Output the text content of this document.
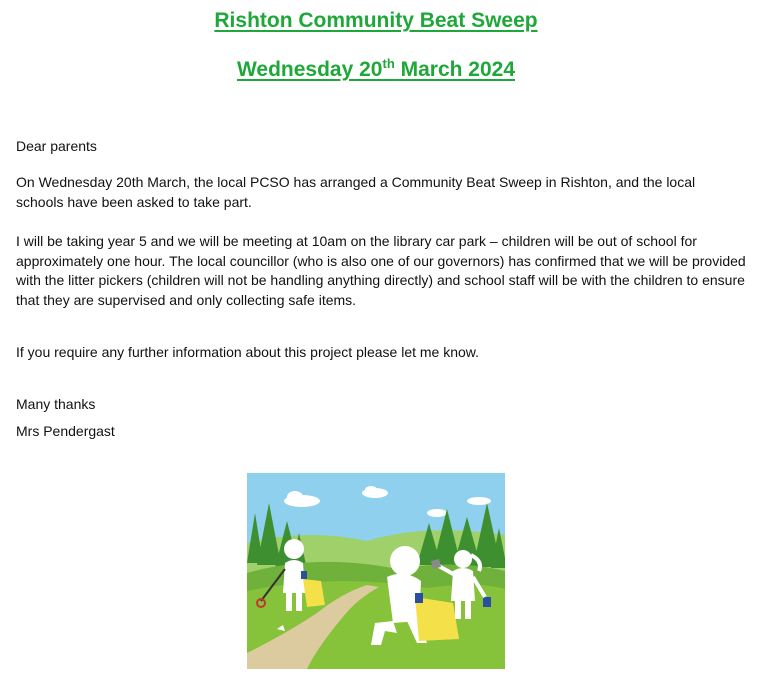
Rishton Community Beat Sweep
Wednesday 20th March 2024

Dear parents

On Wednesday 20th March, the local PCSO has arranged a Community Beat Sweep in Rishton, and the local schools have been asked to take part.

I will be taking year 5 and we will be meeting at 10am on the library car park – children will be out of school for approximately one hour. The local councillor (who is also one of our governors) has confirmed that we will be provided with the litter pickers (children will not be handling anything directly) and school staff will be with the children to ensure that they are supervised and only collecting safe items.

If you require any further information about this project please let me know.

Many thanks

Mrs Pendergast
